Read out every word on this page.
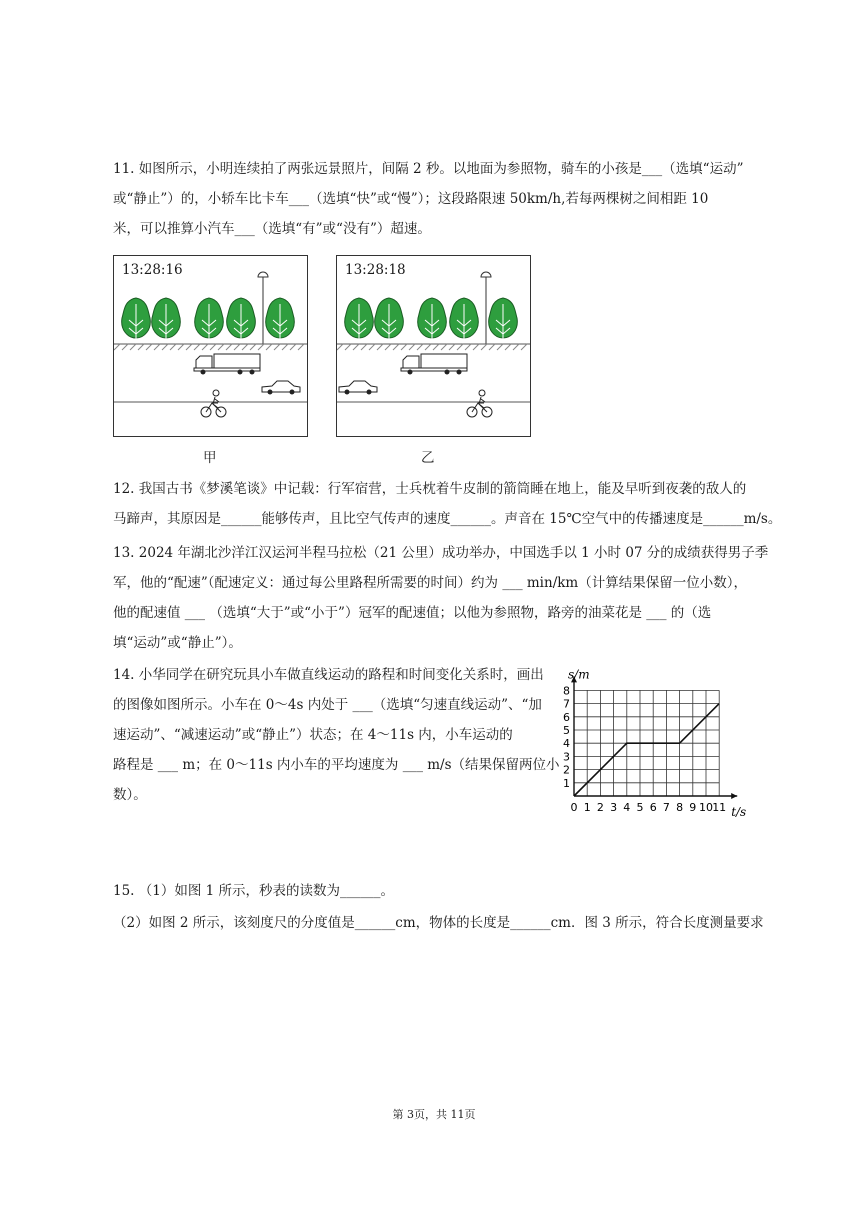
11. 如图所示，小明连续拍了两张远景照片，间隔 2 秒。以地面为参照物，骑车的小孩是___（选填“运动”
或“静止”）的，小轿车比卡车___（选填“快”或“慢”）；这段路限速 50km/h,若每两棵树之间相距 10
米，可以推算小汽车___（选填“有”或“没有”）超速。
13:28:16
甲
13:28:18
乙
12. 我国古书《梦溪笔谈》中记载：行军宿营，士兵枕着牛皮制的箭筒睡在地上，能及早听到夜袭的敌人的
马蹄声，其原因是______能够传声，且比空气传声的速度______。声音在 15℃空气中的传播速度是______m/s。
13. 2024 年湖北沙洋江汉运河半程马拉松（21 公里）成功举办，中国选手以 1 小时 07 分的成绩获得男子季
军，他的“配速”（配速定义：通过每公里路程所需要的时间）约为 ___ min/km（计算结果保留一位小数），
他的配速值 ___ （选填“大于”或“小于”）冠军的配速值；以他为参照物，路旁的油菜花是 ___ 的（选
填“运动”或“静止”）。
14. 小华同学在研究玩具小车做直线运动的路程和时间变化关系时，画出
的图像如图所示。小车在 0～4s 内处于 ___（选填“匀速直线运动”、“加
速运动”、“减速运动”或“静止”）状态；在 4～11s 内，小车运动的
路程是 ___ m；在 0～11s 内小车的平均速度为 ___ m/s（结果保留两位小
数）。
0 1 2 3 4 5 6 7 8 9 10 11
1
2
3
4
5
6
7
8
s/m
t/s
15. （1）如图 1 所示，秒表的读数为______。
（2）如图 2 所示，该刻度尺的分度值是______cm，物体的长度是______cm．图 3 所示，符合长度测量要求
第 3页，共 11页
